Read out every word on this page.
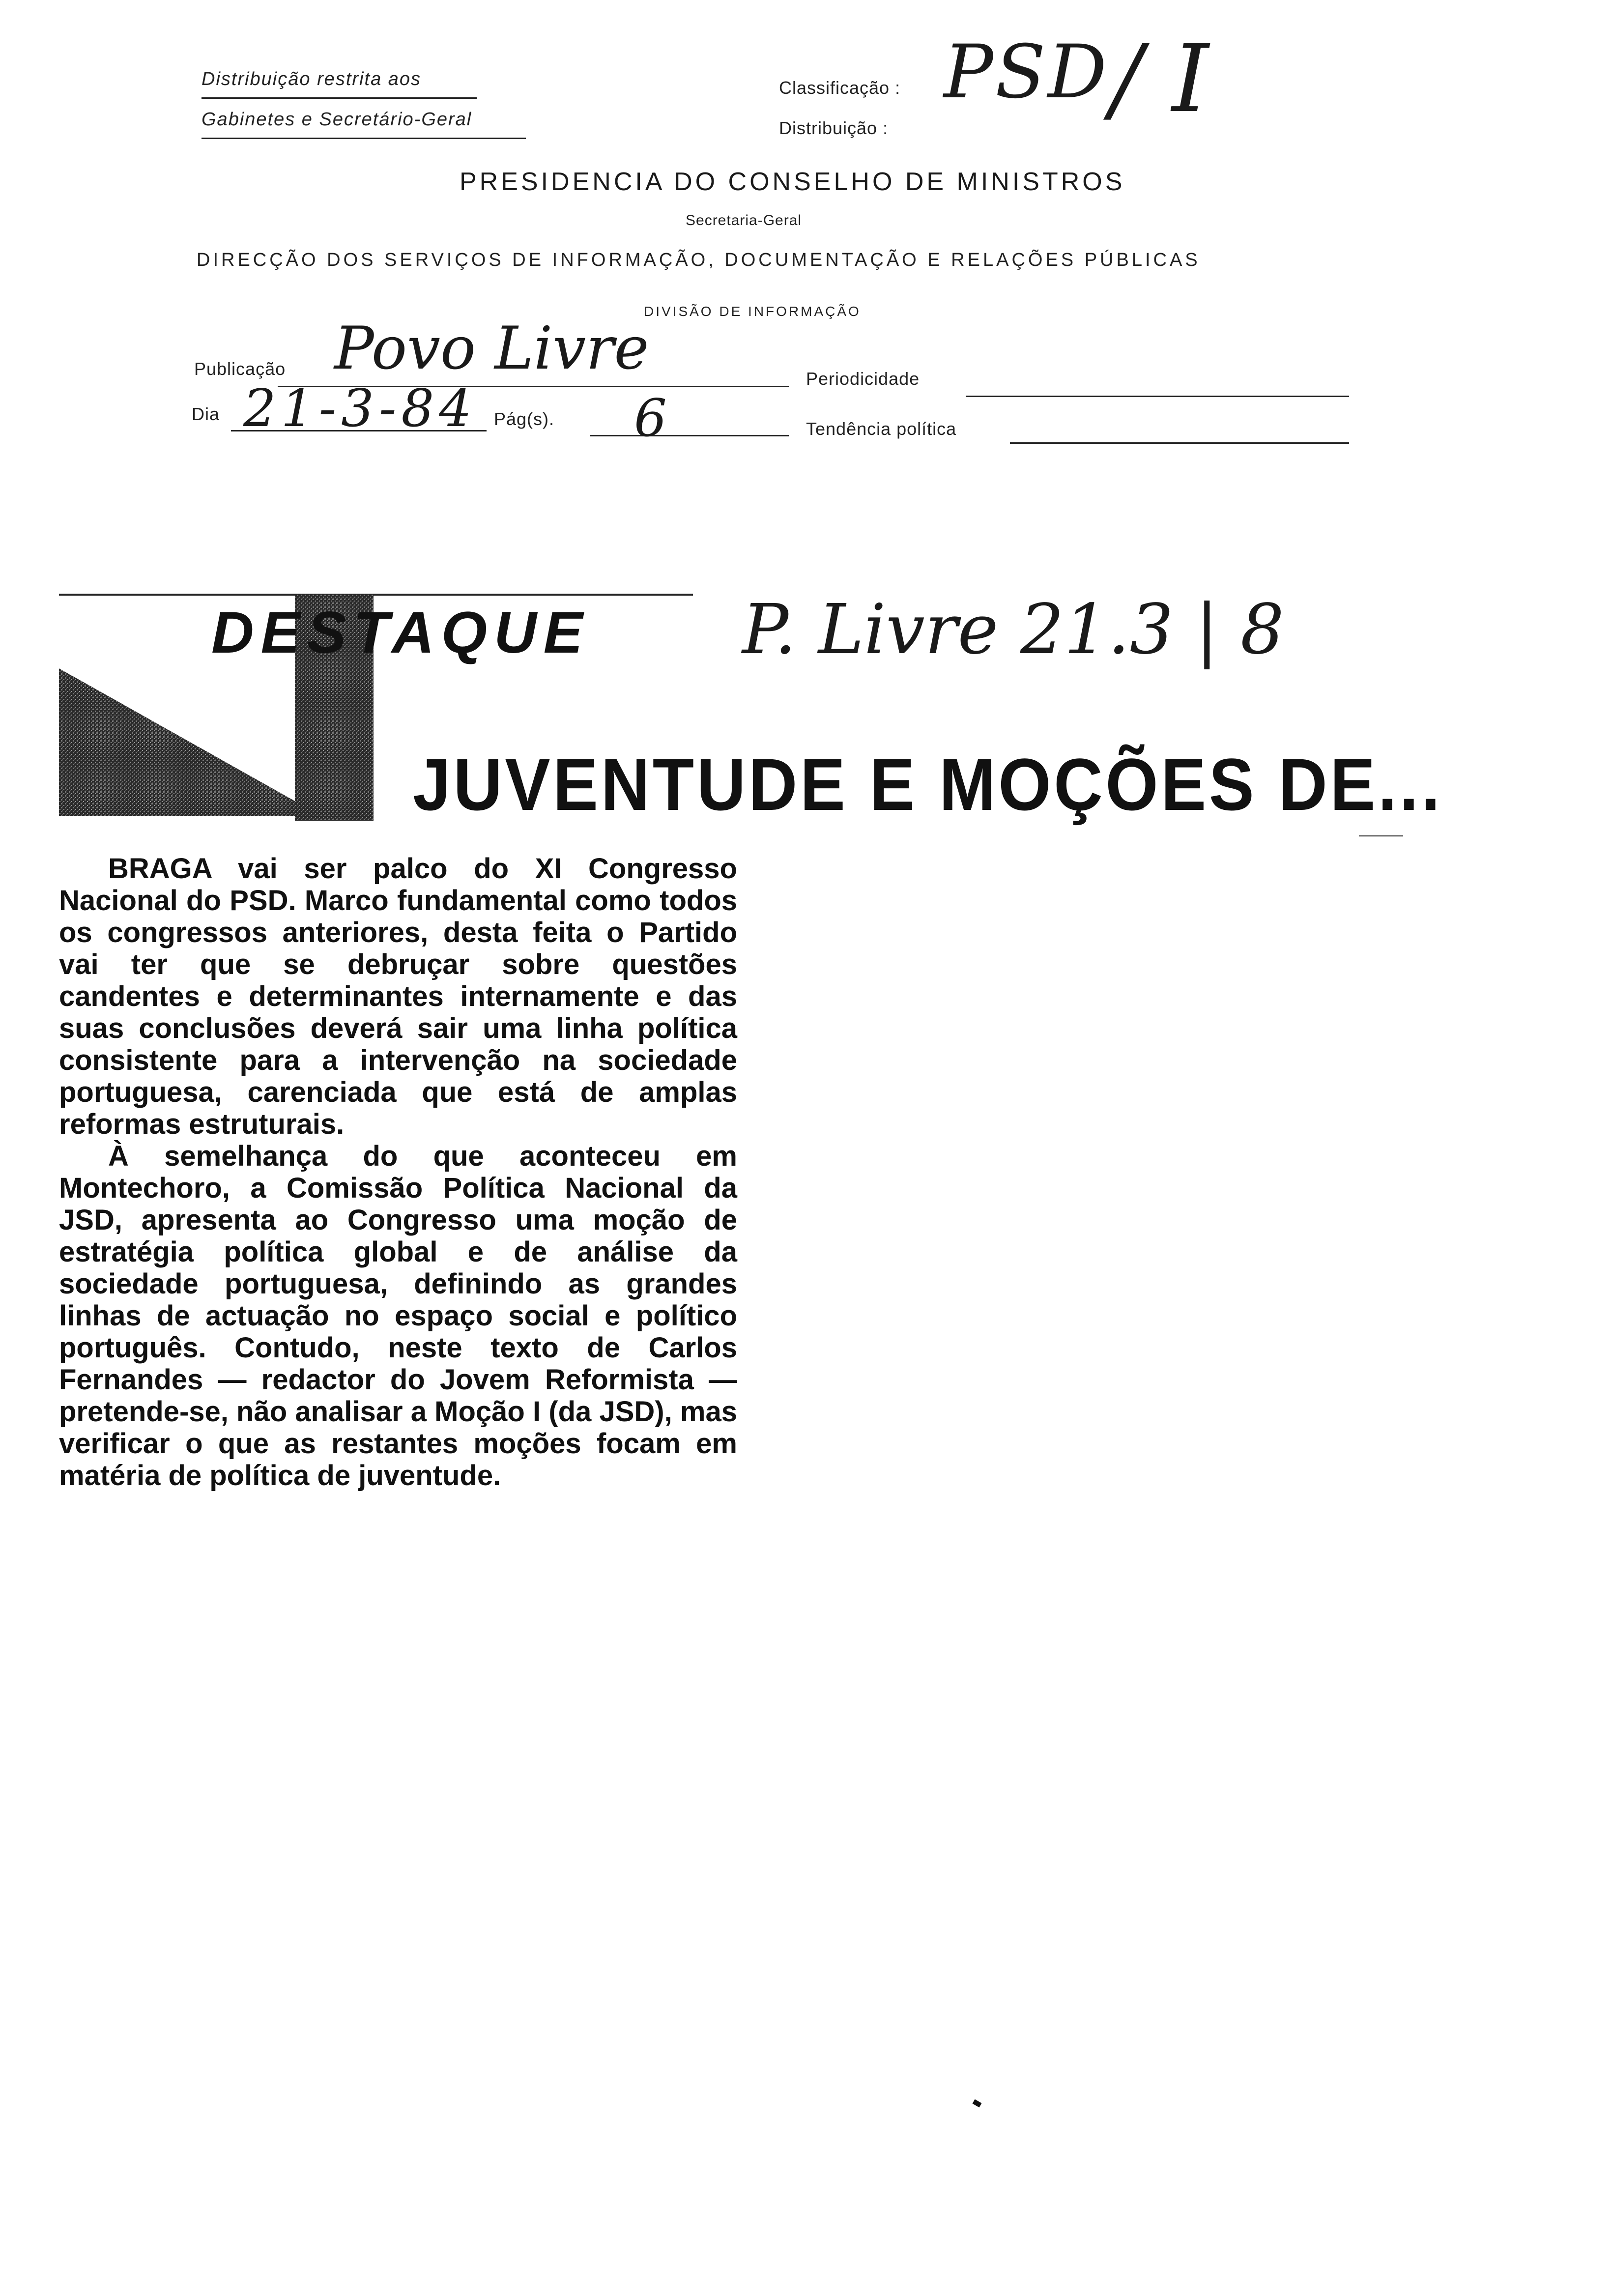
Distribuição restrita aos
Gabinetes e Secretário-Geral
Classificação : PSD
Distribuição : / I
PRESIDENCIA DO CONSELHO DE MINISTROS
Secretaria-Geral
DIRECÇÃO DOS SERVIÇOS DE INFORMAÇÃO, DOCUMENTAÇÃO E RELAÇÕES PÚBLICAS
DIVISÃO DE INFORMAÇÃO
Publicação Povo Livre	Periodicidade
Dia 21-3-84 Pág(s). 6	Tendência política
DESTAQUE P. Livre 21.3 | 8
JUVENTUDE E MOÇÕES DE...

BRAGA vai ser palco do XI Congresso Nacional do PSD. Marco fundamental como todos os congressos anteriores, desta feita o Partido vai ter que se debruçar sobre questões candentes e determinantes internamente e das suas conclusões deverá sair uma linha política consistente para a intervenção na sociedade portuguesa, carenciada que está de amplas reformas estruturais.

À semelhança do que aconteceu em Montechoro, a Comissão Política Nacional da JSD, apresenta ao Congresso uma moção de estratégia política global e de análise da sociedade portuguesa, definindo as grandes linhas de actuação no espaço social e político português. Contudo, neste texto de Carlos Fernandes — redactor do Jovem Reformista — pretende-se, não analisar a Moção I (da JSD), mas verificar o que as restantes moções focam em matéria de política de juventude.
